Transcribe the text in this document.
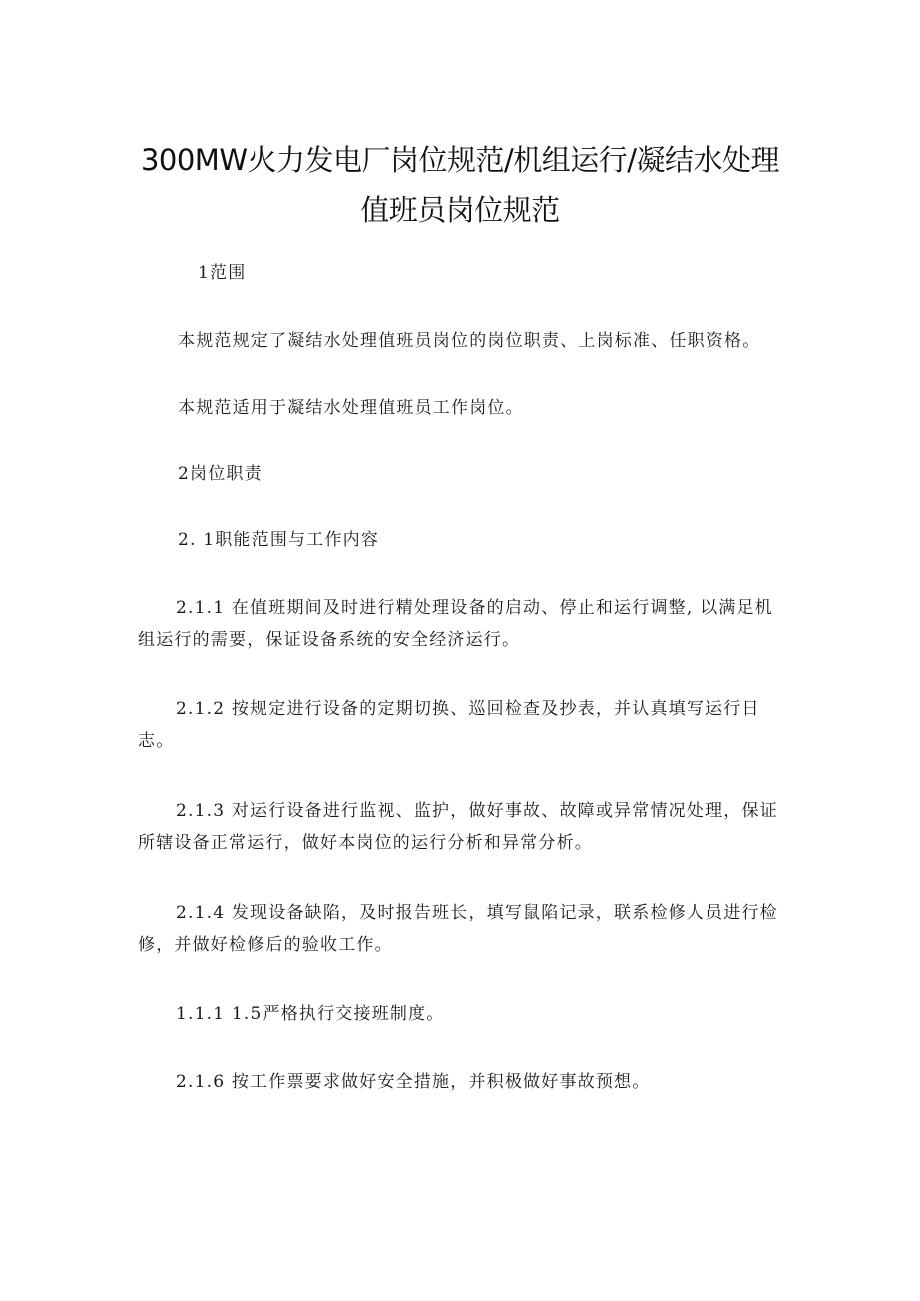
300MW火力发电厂岗位规范/机组运行/凝结水处理
值班员岗位规范

1范围

本规范规定了凝结水处理值班员岗位的岗位职责、上岗标准、任职资格。

本规范适用于凝结水处理值班员工作岗位。

2岗位职责

2. 1职能范围与工作内容

2.1.1 在值班期间及时进行精处理设备的启动、停止和运行调整, 以满足机组运行的需要，保证设备系统的安全经济运行。

2.1.2 按规定进行设备的定期切换、巡回检查及抄表，并认真填写运行日志。

2.1.3 对运行设备进行监视、监护，做好事故、故障或异常情况处理，保证所辖设备正常运行，做好本岗位的运行分析和异常分析。

2.1.4 发现设备缺陷，及时报告班长，填写鼠陷记录，联系检修人员进行检修，并做好检修后的验收工作。

1.1.1 1.5严格执行交接班制度。

2.1.6 按工作票要求做好安全措施，并积极做好事故预想。
